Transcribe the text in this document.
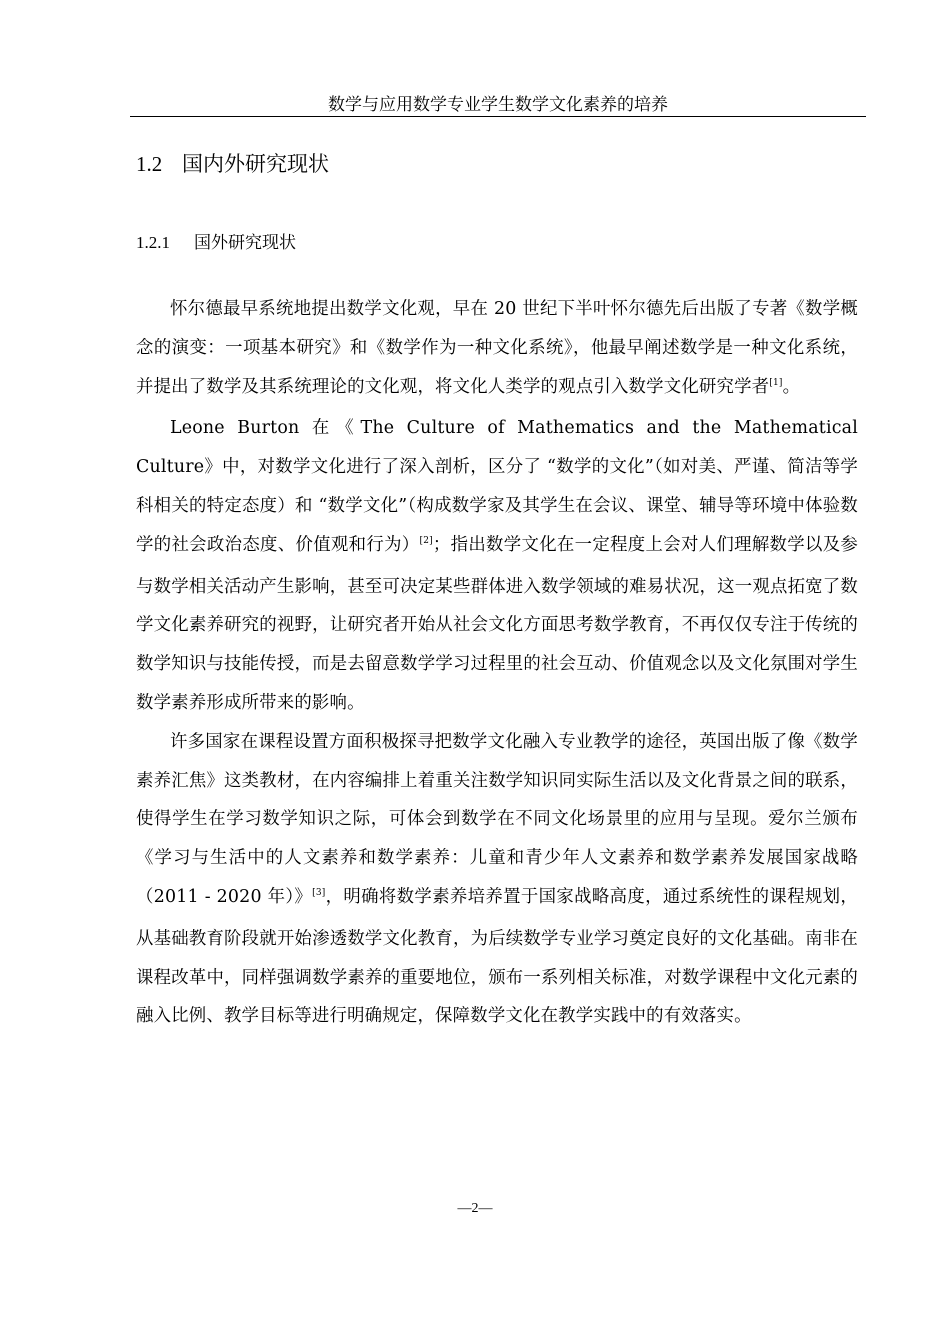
数学与应用数学专业学生数学文化素养的培养
1.2 国内外研究现状
1.2.1 国外研究现状

怀尔德最早系统地提出数学文化观，早在 20 世纪下半叶怀尔德先后出版了专著《数学概念的演变：一项基本研究》和《数学作为一种文化系统》，他最早阐述数学是一种文化系统，并提出了数学及其系统理论的文化观，将文化人类学的观点引入数学文化研究学者[1]。

Leone Burton 在《The Culture of Mathematics and the Mathematical Culture》中，对数学文化进行了深入剖析，区分了 “数学的文化”（如对美、严谨、简洁等学科相关的特定态度）和 “数学文化”（构成数学家及其学生在会议、课堂、辅导等环境中体验数学的社会政治态度、价值观和行为）[2]；指出数学文化在一定程度上会对人们理解数学以及参与数学相关活动产生影响，甚至可决定某些群体进入数学领域的难易状况，这一观点拓宽了数学文化素养研究的视野，让研究者开始从社会文化方面思考数学教育，不再仅仅专注于传统的数学知识与技能传授，而是去留意数学学习过程里的社会互动、价值观念以及文化氛围对学生数学素养形成所带来的影响。

许多国家在课程设置方面积极探寻把数学文化融入专业教学的途径，英国出版了像《数学素养汇焦》这类教材，在内容编排上着重关注数学知识同实际生活以及文化背景之间的联系，使得学生在学习数学知识之际，可体会到数学在不同文化场景里的应用与呈现。爱尔兰颁布《学习与生活中的人文素养和数学素养：儿童和青少年人文素养和数学素养发展国家战略（2011 - 2020 年）》[3]，明确将数学素养培养置于国家战略高度，通过系统性的课程规划，从基础教育阶段就开始渗透数学文化教育，为后续数学专业学习奠定良好的文化基础。南非在课程改革中，同样强调数学素养的重要地位，颁布一系列相关标准，对数学课程中文化元素的融入比例、教学目标等进行明确规定，保障数学文化在教学实践中的有效落实。

—2—
